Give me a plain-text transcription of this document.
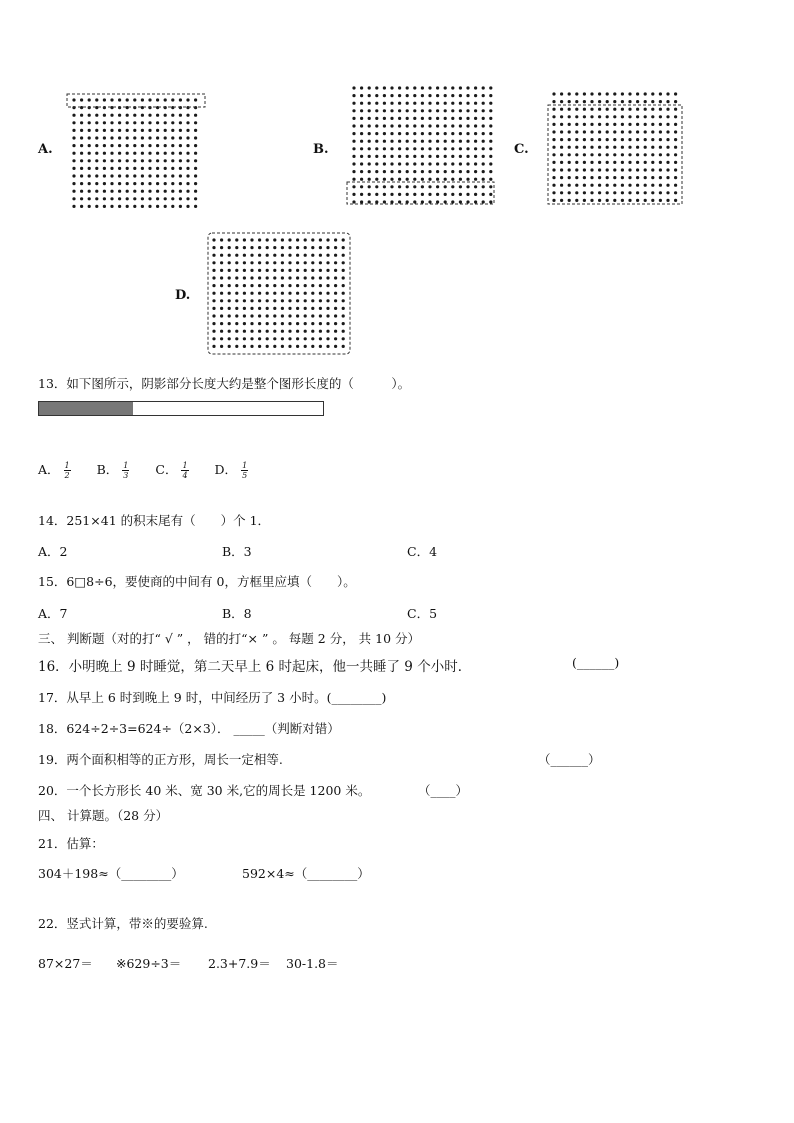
A.	B.	C.
D.
13．如下图所示，阴影部分长度大约是整个图形长度的（　　　）。
A． $\frac{1}{2}$ B． $\frac{1}{3}$ C． $\frac{1}{4}$ D． $\frac{1}{5}$
14．251×41 的积末尾有（　　）个 1．
A．2	B．3	C．4
15．6□8÷6，要使商的中间有 0，方框里应填（　　）。
A．7	B．8	C．5
三、 判断题（对的打“ √ ” ， 错的打“× ” 。 每题 2 分， 共 10 分）
16．小明晚上 9 时睡觉，第二天早上 6 时起床，他一共睡了 9 个小时．	(______)
17．从早上 6 时到晚上 9 时，中间经历了 3 小时。(________)
18．624÷2÷3=624÷（2×3）． _____（判断对错）
19．两个面积相等的正方形，周长一定相等.	（______）
20．一个长方形长 40 米、宽 30 米,它的周长是 1200 米。	（____）
四、 计算题。（28 分）
21．估算：
304＋198≈（________）	592×4≈（________）
22．竖式计算，带※的要验算.
87×27＝ ※629÷3＝ 2.3+7.9＝ 30-1.8＝
